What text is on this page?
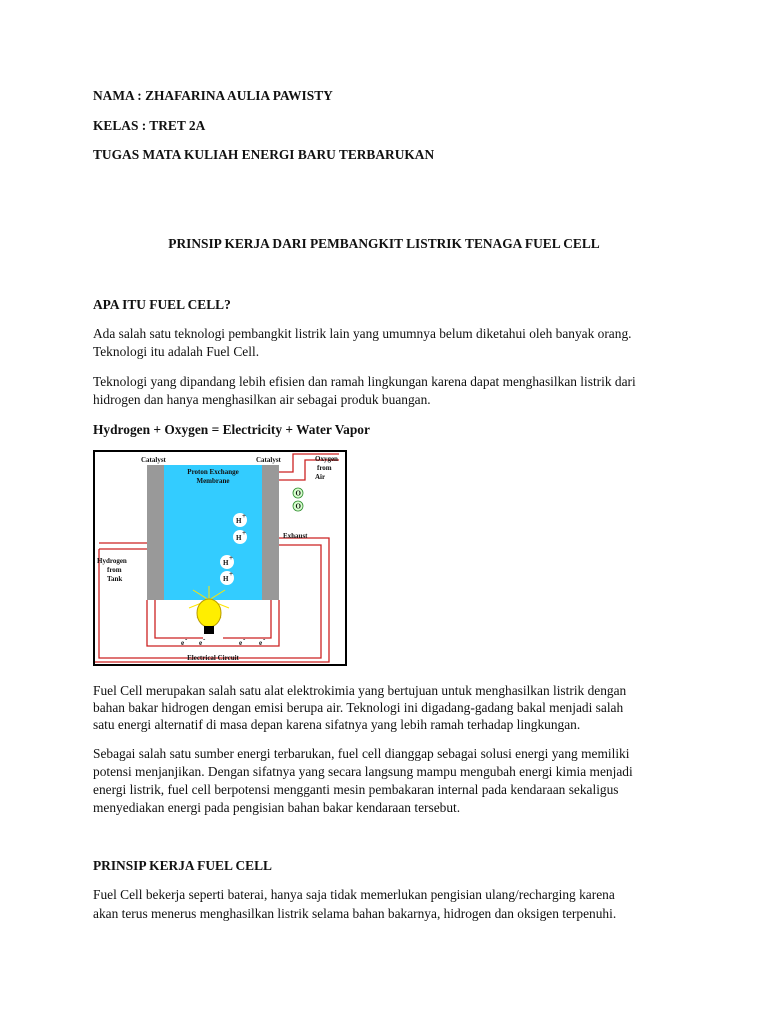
NAMA : ZHAFARINA AULIA PAWISTY

KELAS : TRET 2A

TUGAS MATA KULIAH ENERGI BARU TERBARUKAN

PRINSIP KERJA DARI PEMBANGKIT LISTRIK TENAGA FUEL CELL

APA ITU FUEL CELL?

Ada salah satu teknologi pembangkit listrik lain yang umumnya belum diketahui oleh banyak orang.

Teknologi itu adalah Fuel Cell.

Teknologi yang dipandang lebih efisien dan ramah lingkungan karena dapat menghasilkan listrik dari

hidrogen dan hanya menghasilkan air sebagai produk buangan.

Hydrogen + Oxygen = Electricity + Water Vapor

H
+
H
+
H
+
H
+
O
O
e - e -	e - e -
Catalyst	Catalyst
Proton Exchange
Membrane
Oxygen
from
Air
Exhaust
Hydrogen
from
Tank
Electrical Circuit

Fuel Cell merupakan salah satu alat elektrokimia yang bertujuan untuk menghasilkan listrik dengan

bahan bakar hidrogen dengan emisi berupa air. Teknologi ini digadang-gadang bakal menjadi salah

satu energi alternatif di masa depan karena sifatnya yang lebih ramah terhadap lingkungan.

Sebagai salah satu sumber energi terbarukan, fuel cell dianggap sebagai solusi energi yang memiliki

potensi menjanjikan. Dengan sifatnya yang secara langsung mampu mengubah energi kimia menjadi

energi listrik, fuel cell berpotensi mengganti mesin pembakaran internal pada kendaraan sekaligus

menyediakan energi pada pengisian bahan bakar kendaraan tersebut.

PRINSIP KERJA FUEL CELL

Fuel Cell bekerja seperti baterai, hanya saja tidak memerlukan pengisian ulang/recharging karena

akan terus menerus menghasilkan listrik selama bahan bakarnya, hidrogen dan oksigen terpenuhi.
